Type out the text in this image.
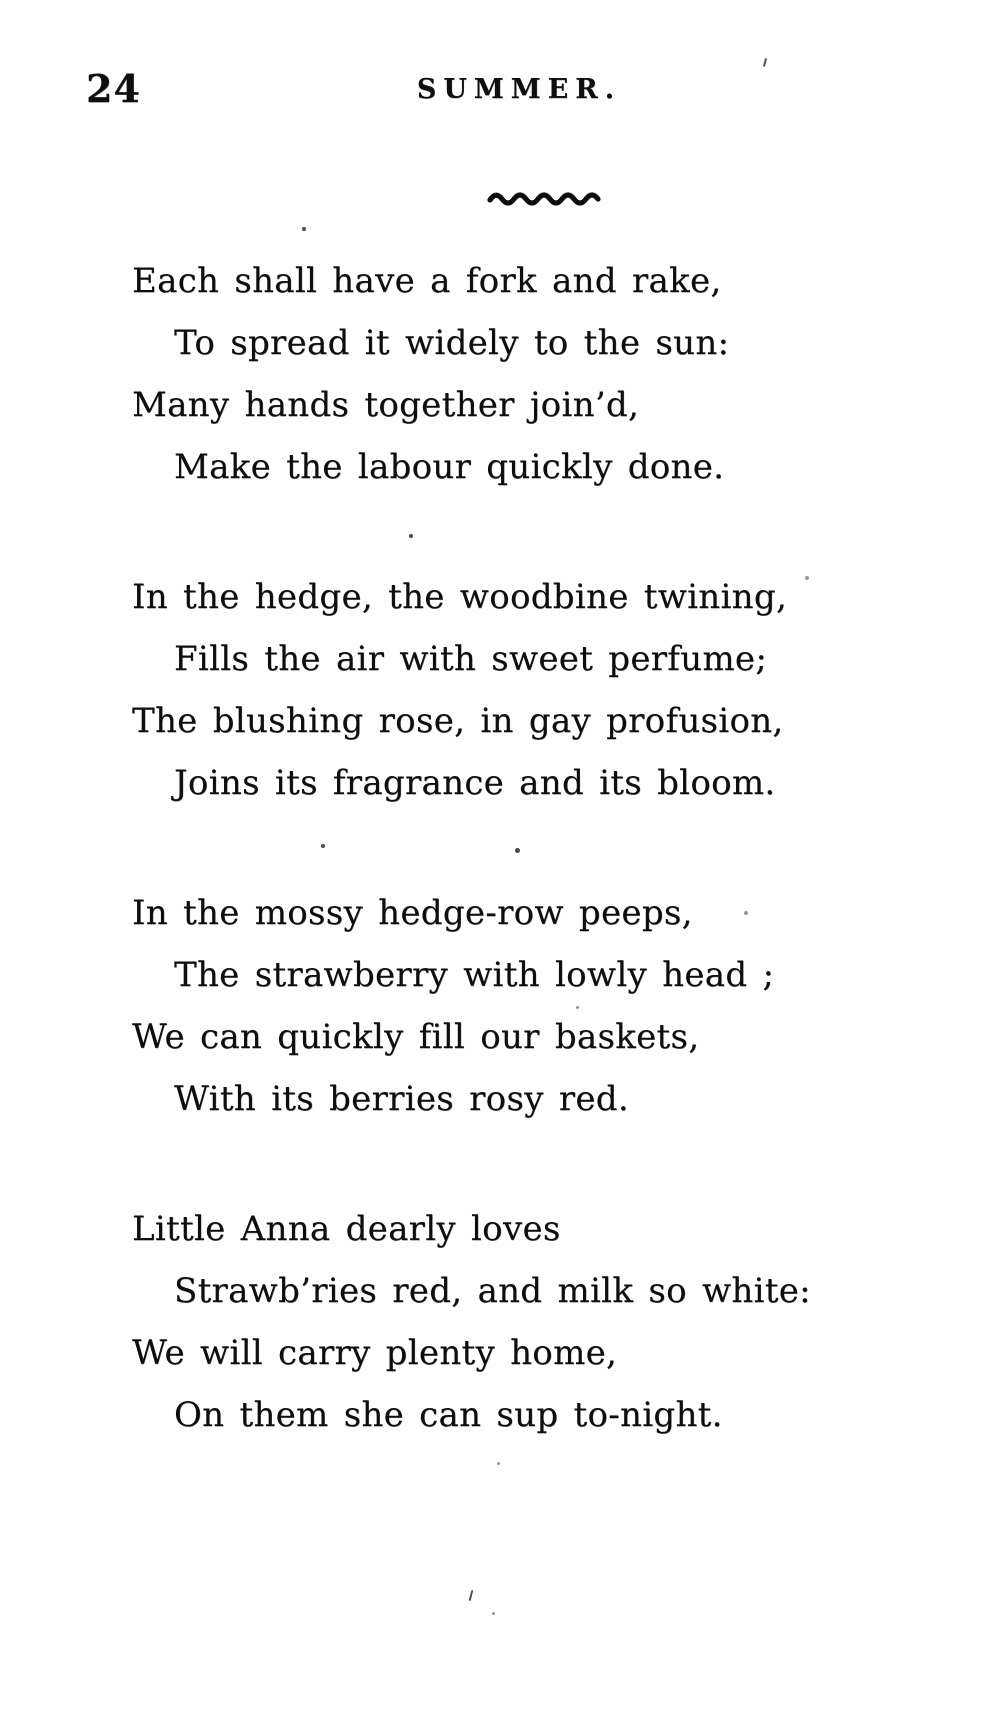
24	SUMMER.

Each shall have a fork and rake,

To spread it widely to the sun:

Many hands together join’d,

Make the labour quickly done.

In the hedge, the woodbine twining,

Fills the air with sweet perfume;

The blushing rose, in gay profusion,

Joins its fragrance and its bloom.

In the mossy hedge-row peeps,

The strawberry with lowly head ;

We can quickly fill our baskets,

With its berries rosy red.

Little Anna dearly loves

Strawb’ries red, and milk so white:

We will carry plenty home,

On them she can sup to-night.
